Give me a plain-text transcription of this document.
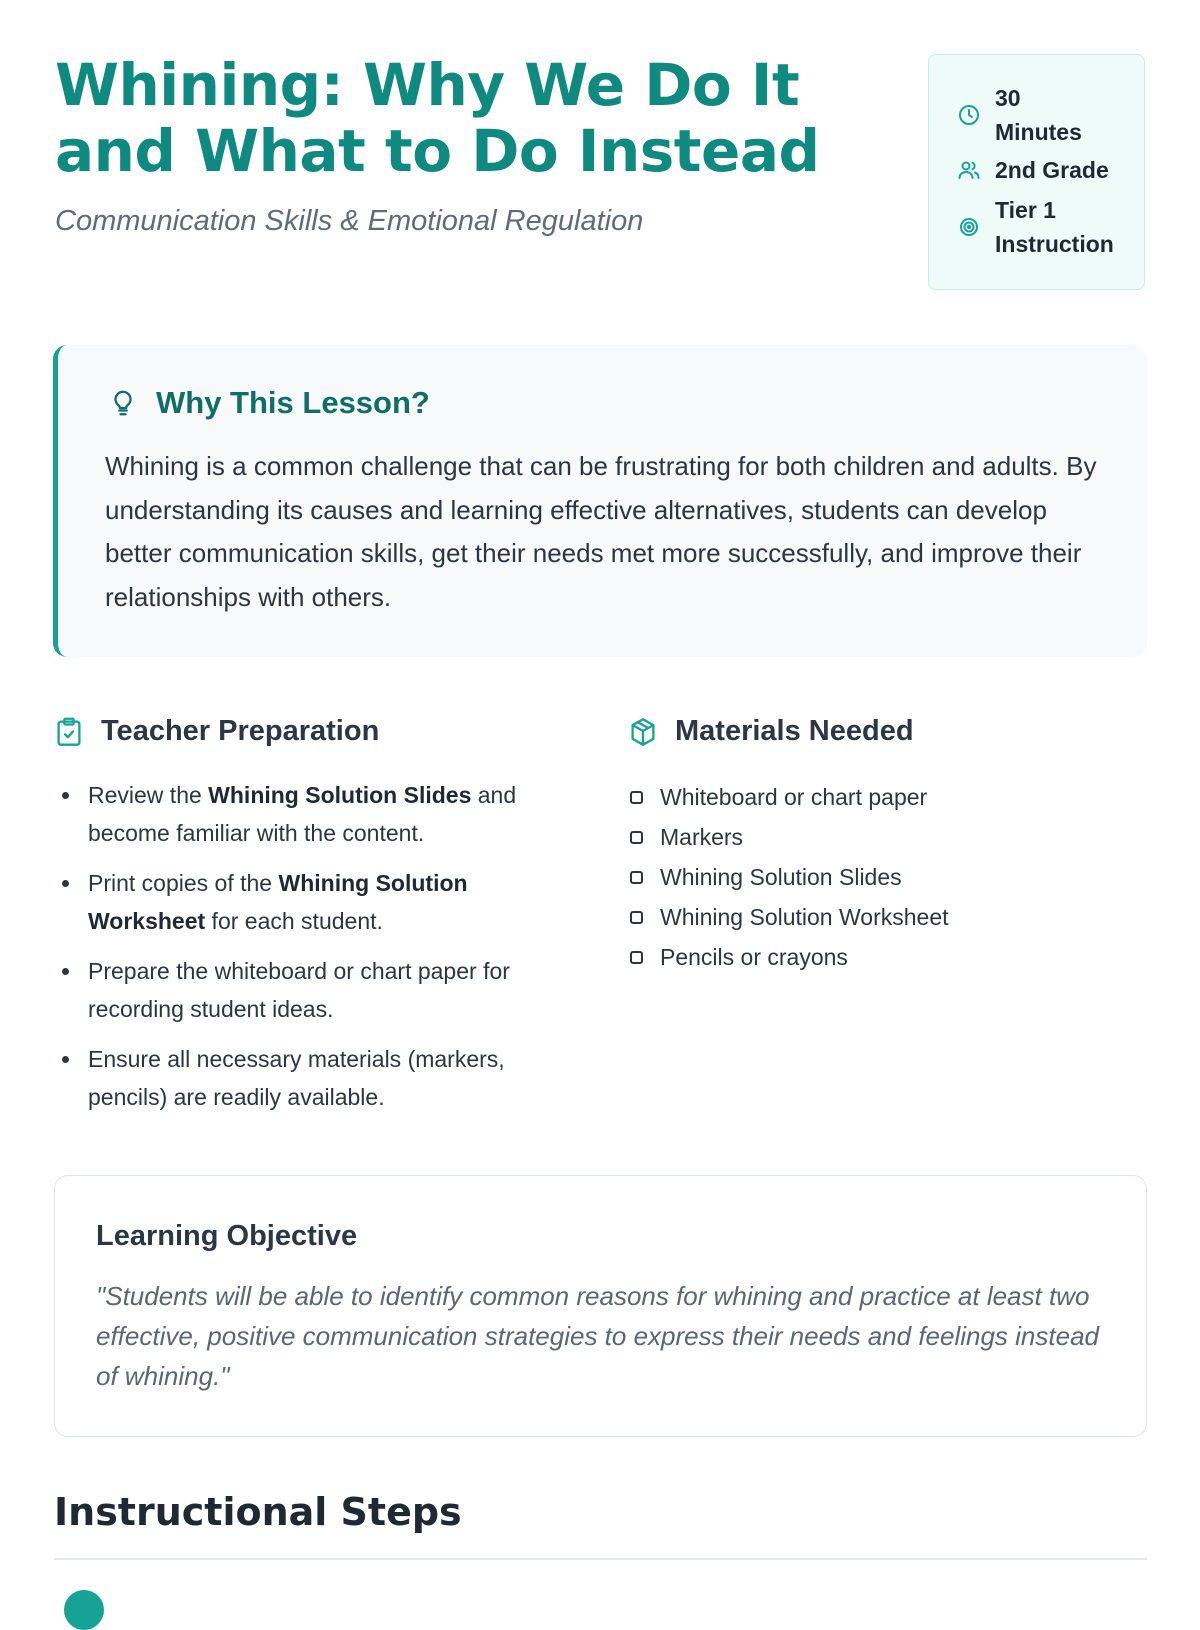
Whining: Why We Do It and What to Do Instead

Communication Skills & Emotional Regulation

30 Minutes
2nd Grade
Tier 1 Instruction
Why This Lesson?

Whining is a common challenge that can be frustrating for both children and adults. By understanding its causes and learning effective alternatives, students can develop better communication skills, get their needs met more successfully, and improve their relationships with others.

Teacher Preparation
Review the Whining Solution Slides and become familiar with the content.
Print copies of the Whining Solution Worksheet for each student.
Prepare the whiteboard or chart paper for recording student ideas.
Ensure all necessary materials (markers, pencils) are readily available.
Materials Needed
Whiteboard or chart paper
Markers
Whining Solution Slides
Whining Solution Worksheet
Pencils or crayons
Learning Objective

"Students will be able to identify common reasons for whining and practice at least two effective, positive communication strategies to express their needs and feelings instead of whining."

Instructional Steps
